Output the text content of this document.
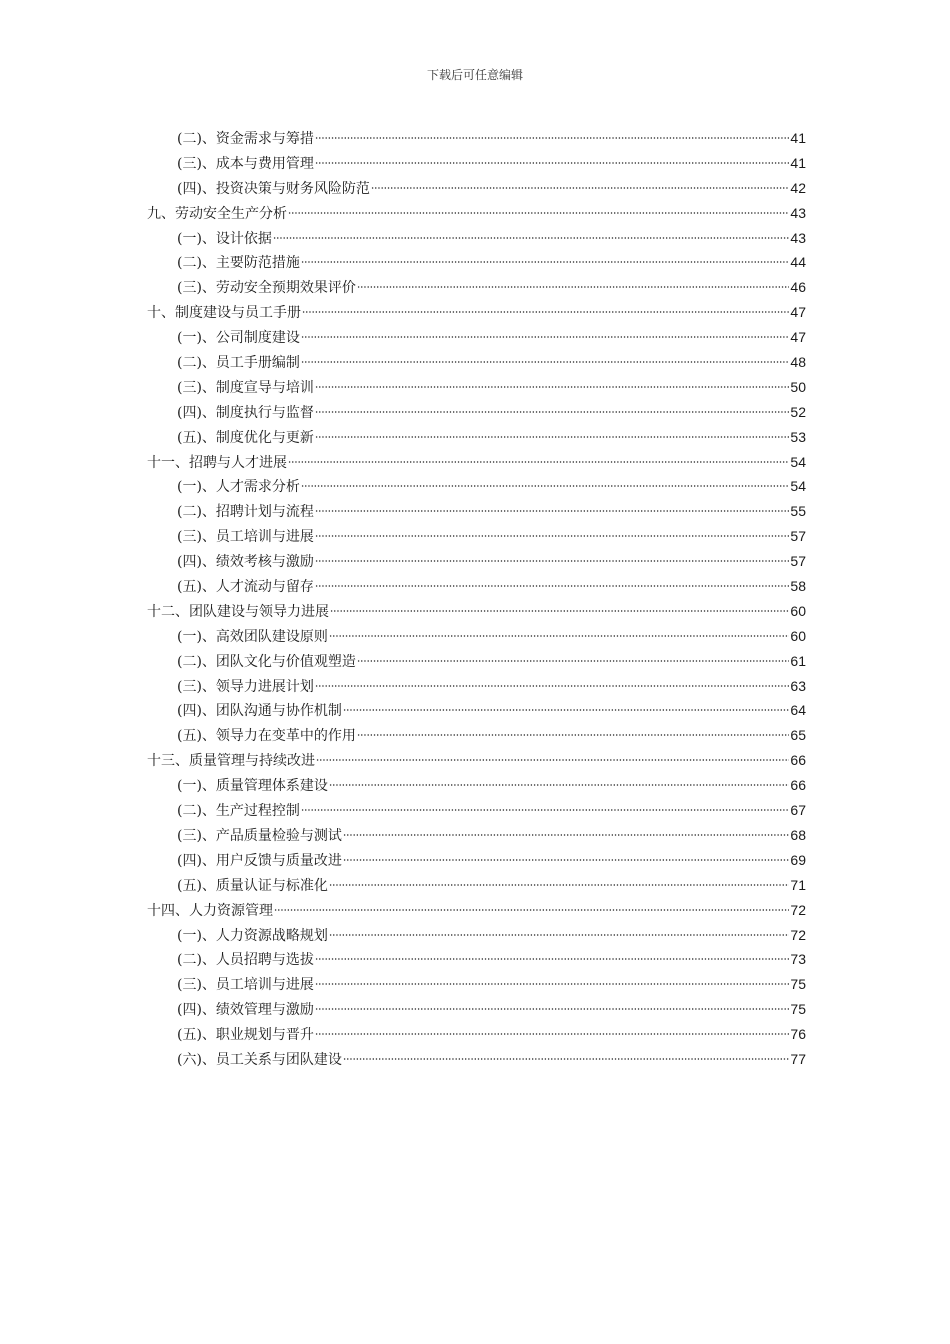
下载后可任意编辑
(二)、资金需求与筹措	41
(三)、成本与费用管理	41
(四)、投资决策与财务风险防范	42
九、劳动安全生产分析	43
(一)、设计依据	43
(二)、主要防范措施	44
(三)、劳动安全预期效果评价	46
十、制度建设与员工手册	47
(一)、公司制度建设	47
(二)、员工手册编制	48
(三)、制度宣导与培训	50
(四)、制度执行与监督	52
(五)、制度优化与更新	53
十一、招聘与人才进展	54
(一)、人才需求分析	54
(二)、招聘计划与流程	55
(三)、员工培训与进展	57
(四)、绩效考核与激励	57
(五)、人才流动与留存	58
十二、团队建设与领导力进展	60
(一)、高效团队建设原则	60
(二)、团队文化与价值观塑造	61
(三)、领导力进展计划	63
(四)、团队沟通与协作机制	64
(五)、领导力在变革中的作用	65
十三、质量管理与持续改进	66
(一)、质量管理体系建设	66
(二)、生产过程控制	67
(三)、产品质量检验与测试	68
(四)、用户反馈与质量改进	69
(五)、质量认证与标准化	71
十四、人力资源管理	72
(一)、人力资源战略规划	72
(二)、人员招聘与选拔	73
(三)、员工培训与进展	75
(四)、绩效管理与激励	75
(五)、职业规划与晋升	76
(六)、员工关系与团队建设	77
